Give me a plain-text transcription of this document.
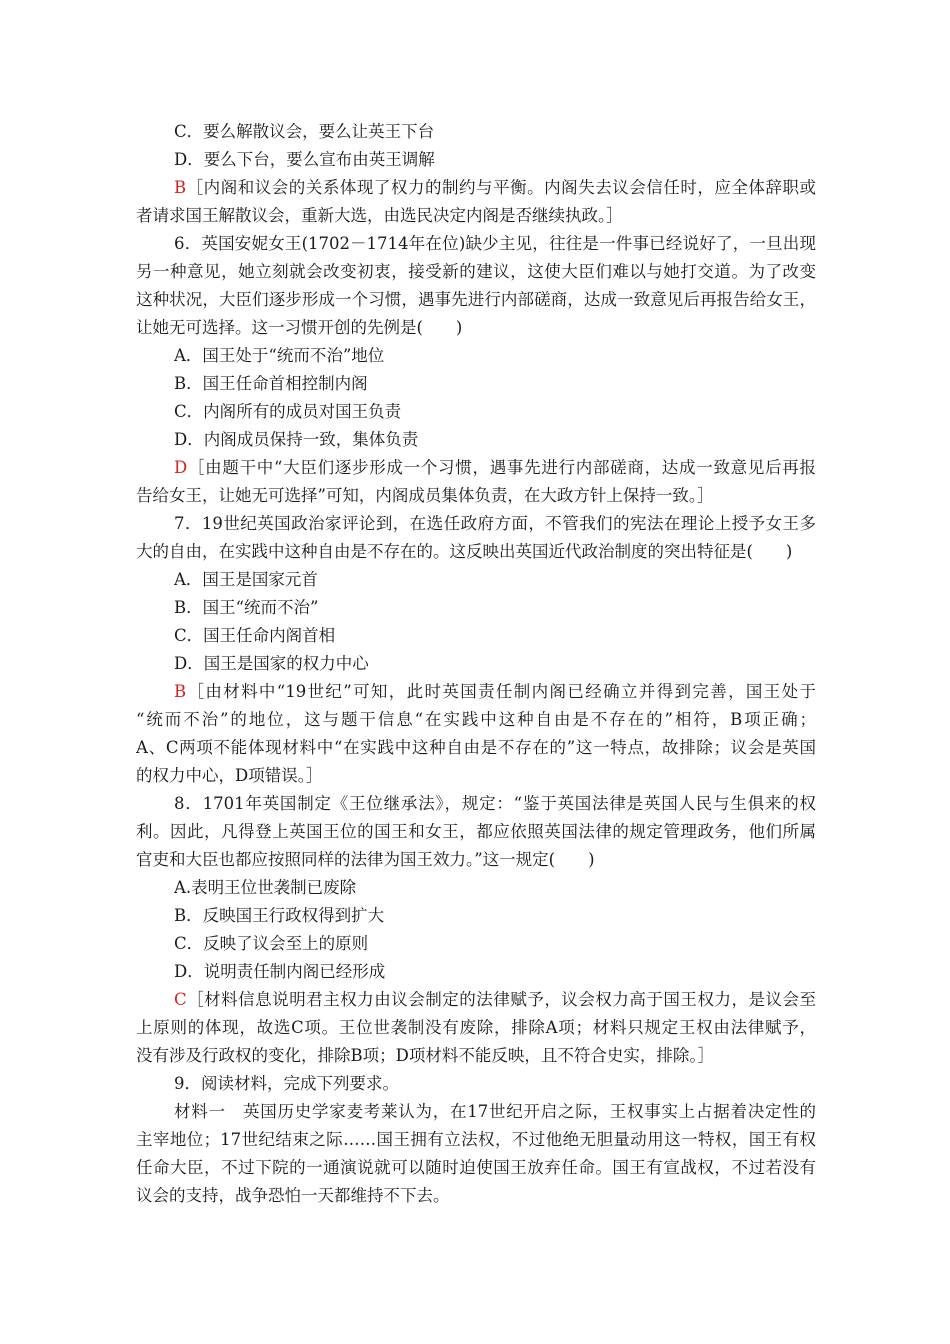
C．要么解散议会，要么让英王下台
D．要么下台，要么宣布由英王调解
B［内阁和议会的关系体现了权力的制约与平衡。内阁失去议会信任时，应全体辞职或
者请求国王解散议会，重新大选，由选民决定内阁是否继续执政。］
6．英国安妮女王(1702－1714年在位)缺少主见，往往是一件事已经说好了，一旦出现
另一种意见，她立刻就会改变初衷，接受新的建议，这使大臣们难以与她打交道。为了改变
这种状况，大臣们逐步形成一个习惯，遇事先进行内部磋商，达成一致意见后再报告给女王，
让她无可选择。这一习惯开创的先例是(　　)
A．国王处于“统而不治”地位
B．国王任命首相控制内阁
C．内阁所有的成员对国王负责
D．内阁成员保持一致，集体负责
D［由题干中“大臣们逐步形成一个习惯，遇事先进行内部磋商，达成一致意见后再报
告给女王，让她无可选择”可知，内阁成员集体负责，在大政方针上保持一致。］
7．19世纪英国政治家评论到，在选任政府方面，不管我们的宪法在理论上授予女王多
大的自由，在实践中这种自由是不存在的。这反映出英国近代政治制度的突出特征是(　　)
A．国王是国家元首
B．国王“统而不治”
C．国王任命内阁首相
D．国王是国家的权力中心
B［由材料中“19世纪”可知，此时英国责任制内阁已经确立并得到完善，国王处于
“统而不治”的地位，这与题干信息“在实践中这种自由是不存在的”相符，B项正确；
A、C两项不能体现材料中“在实践中这种自由是不存在的”这一特点，故排除；议会是英国
的权力中心，D项错误。］
8．1701年英国制定《王位继承法》，规定：“鉴于英国法律是英国人民与生俱来的权
利。因此，凡得登上英国王位的国王和女王，都应依照英国法律的规定管理政务，他们所属
官吏和大臣也都应按照同样的法律为国王效力。”这一规定(　　)
A.表明王位世袭制已废除
B．反映国王行政权得到扩大
C．反映了议会至上的原则
D．说明责任制内阁已经形成
C［材料信息说明君主权力由议会制定的法律赋予，议会权力高于国王权力，是议会至
上原则的体现，故选C项。王位世袭制没有废除，排除A项；材料只规定王权由法律赋予，
没有涉及行政权的变化，排除B项；D项材料不能反映，且不符合史实，排除。］
9．阅读材料，完成下列要求。
材料一　英国历史学家麦考莱认为，在17世纪开启之际，王权事实上占据着决定性的
主宰地位；17世纪结束之际……国王拥有立法权，不过他绝无胆量动用这一特权，国王有权
任命大臣，不过下院的一通演说就可以随时迫使国王放弃任命。国王有宣战权，不过若没有
议会的支持，战争恐怕一天都维持不下去。
